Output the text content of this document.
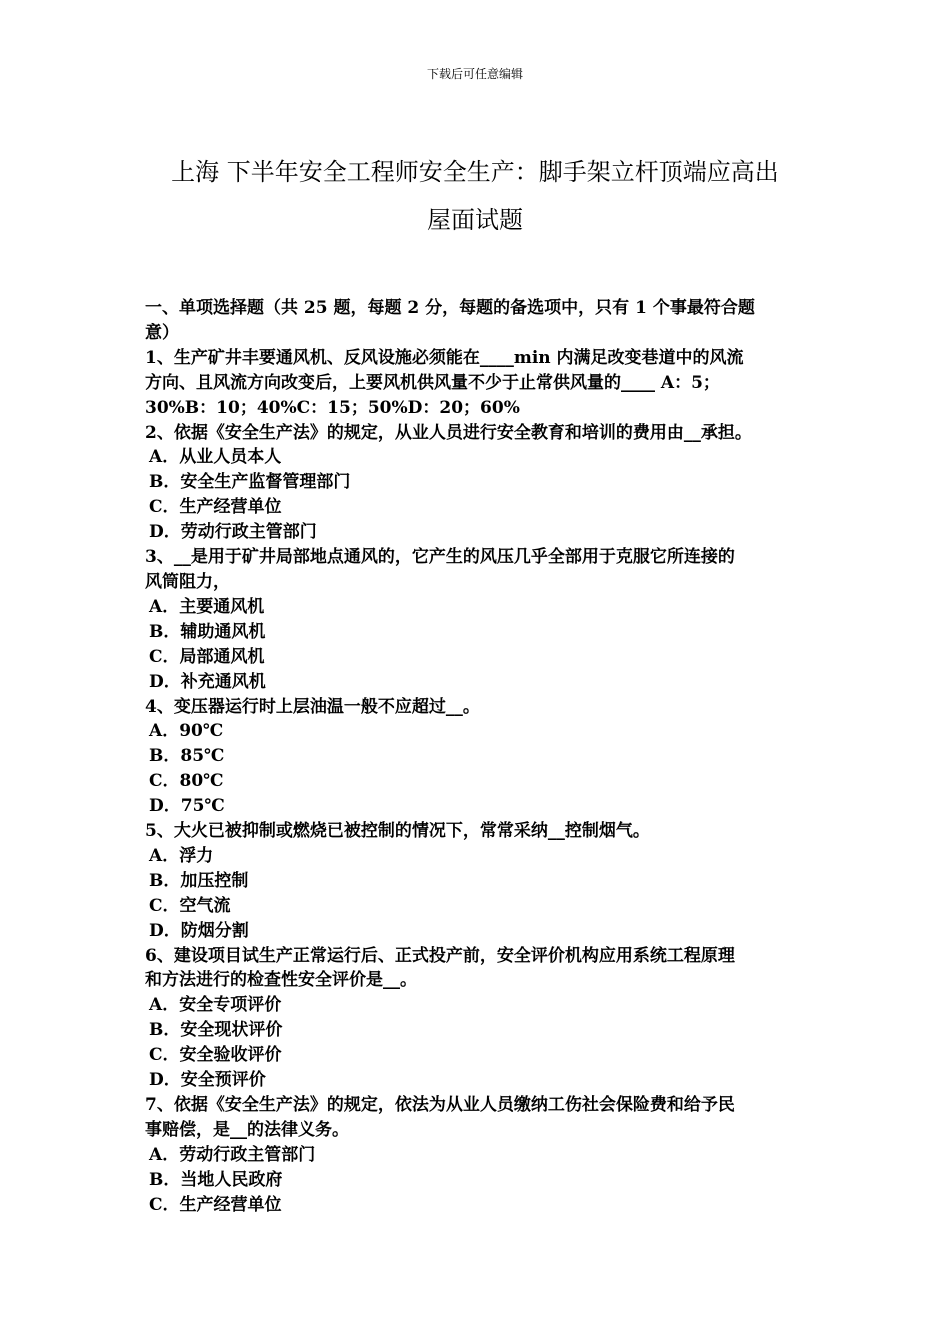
下载后可任意编辑
上海 下半年安全工程师安全生产：脚手架立杆顶端应高出
屋面试题
一、单项选择题（共 25 题，每题 2 分，每题的备选项中，只有 1 个事最符合题
意）
1、生产矿井丰要通风机、反风设施必须能在____min 内满足改变巷道中的风流
方向、且风流方向改变后，上要风机供风量不少于止常供风量的____ A：5；
30%B：10；40%C：15；50%D：20；60%
2、依据《安全生产法》的规定，从业人员进行安全教育和培训的费用由__承担。
A．从业人员本人
B．安全生产监督管理部门
C．生产经营单位
D．劳动行政主管部门
3、__是用于矿井局部地点通风的，它产生的风压几乎全部用于克服它所连接的
风筒阻力，
A．主要通风机
B．辅助通风机
C．局部通风机
D．补充通风机
4、变压器运行时上层油温一般不应超过__。
A．90℃
B．85℃
C．80℃
D．75℃
5、大火已被抑制或燃烧已被控制的情况下，常常采纳__控制烟气。
A．浮力
B．加压控制
C．空气流
D．防烟分割
6、建设项目试生产正常运行后、正式投产前，安全评价机构应用系统工程原理
和方法进行的检查性安全评价是__。
A．安全专项评价
B．安全现状评价
C．安全验收评价
D．安全预评价
7、依据《安全生产法》的规定，依法为从业人员缴纳工伤社会保险费和给予民
事赔偿，是__的法律义务。
A．劳动行政主管部门
B．当地人民政府
C．生产经营单位
